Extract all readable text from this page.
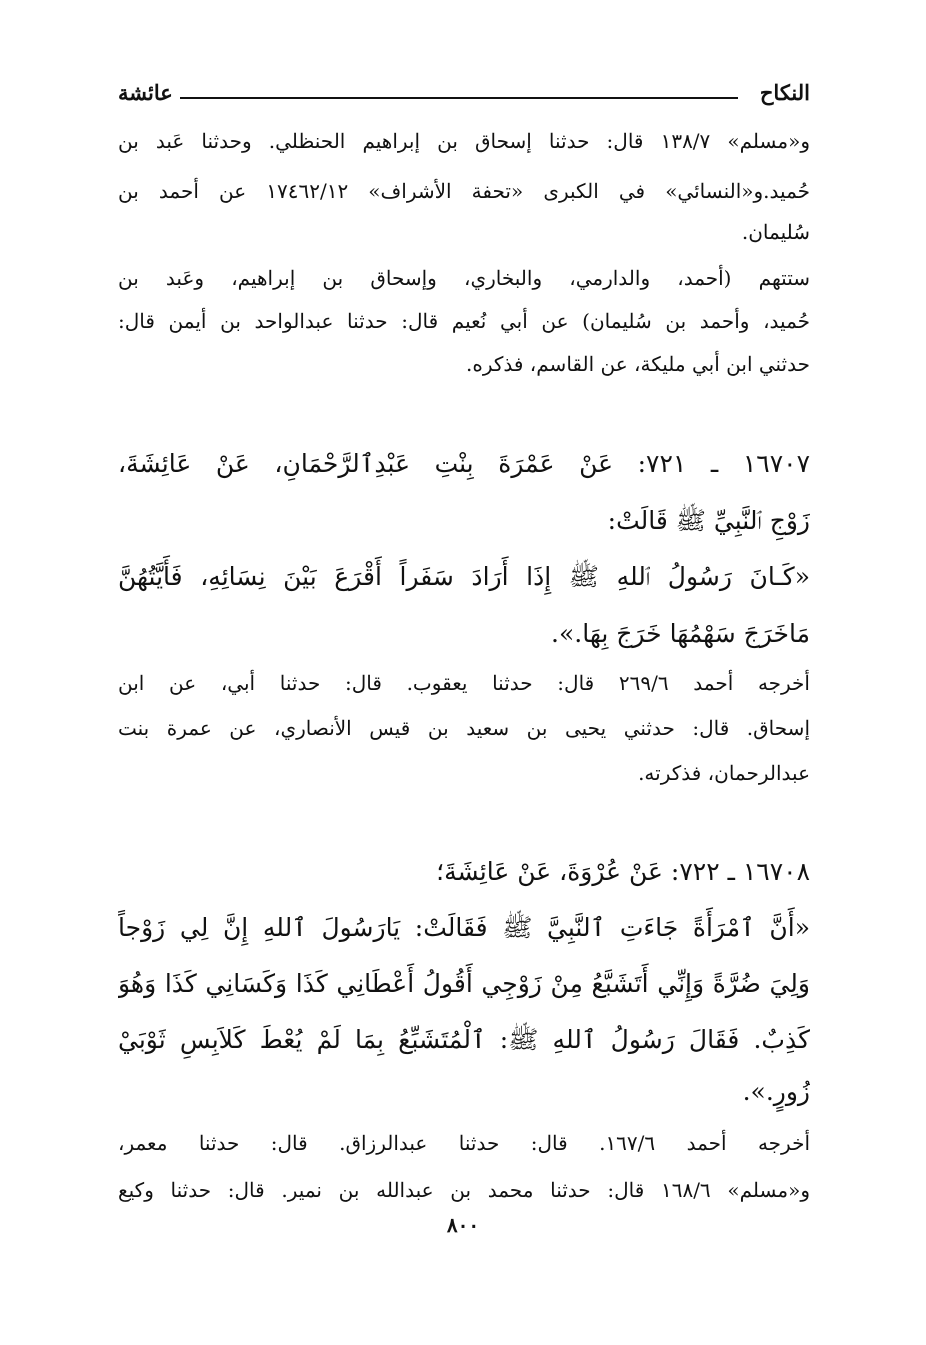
النكاح
عائشة
و«مسلم» ١٣٨/٧ قال: حدثنا إسحاق بن إبراهيم الحنظلي. وحدثنا عَبد بن
حُميد.و«النسائي» في الكبرى «تحفة الأشراف» ١٧٤٦٢/١٢ عن أحمد بن
سُليمان.
ستتهم (أحمد، والدارمي، والبخاري، وإسحاق بن إبراهيم، وعَبد بن
حُميد، وأحمد بن سُليمان) عن أبي نُعيم قال: حدثنا عبدالواحد بن أيمن قال:
حدثني ابن أبي مليكة، عن القاسم، فذكره.
١٦٧٠٧ ـ ٧٢١: عَنْ عَمْرَةَ بِنْتِ عَبْدِٱلرَّحْمَانِ، عَنْ عَائِشَةَ،
زَوْجِ ٱلنَّبِيِّ ﷺ قَالَتْ:
«كَـانَ رَسُولُ ٱللهِ ﷺ إِذَا أَرَادَ سَفَراً أَقْرَعَ بَيْنَ نِسَائِهِ، فَأَيَّتُهُنَّ
مَاخَرَجَ سَهْمُهَا خَرَجَ بِهَا.».
أخرجه أحمد ٢٦٩/٦ قال: حدثنا يعقوب. قال: حدثنا أبي، عن ابن
إسحاق. قال: حدثني يحيى بن سعيد بن قيس الأنصاري، عن عمرة بنت
عبدالرحمان، فذكرته.
١٦٧٠٨ ـ ٧٢٢: عَنْ عُرْوَةَ، عَنْ عَائِشَةَ؛
«أَنَّ ٱمْرَأَةً جَاءَتِ ٱلنَّبِيَّ ﷺ فَقَالَتْ: يَارَسُولَ ٱللهِ إِنَّ لِي زَوْجاً
وَلِيَ ضُرَّةً وَإِنِّي أَتَشَبَّعُ مِنْ زَوْجِي أَقُولُ أَعْطَانِي كَذَا وَكَسَانِي كَذَا وَهُوَ
كَذِبٌ. فَقَالَ رَسُولُ ٱللهِ ﷺ: ٱلْمُتَشَبِّعُ بِمَا لَمْ يُعْطَ كَلاَبِسِ ثَوْبَيْ
زُورٍ.».
أخرجه أحمد ١٦٧/٦. قال: حدثنا عبدالرزاق. قال: حدثنا معمر،
و«مسلم» ١٦٨/٦ قال: حدثنا محمد بن عبدالله بن نمير. قال: حدثنا وكيع
٨٠٠
